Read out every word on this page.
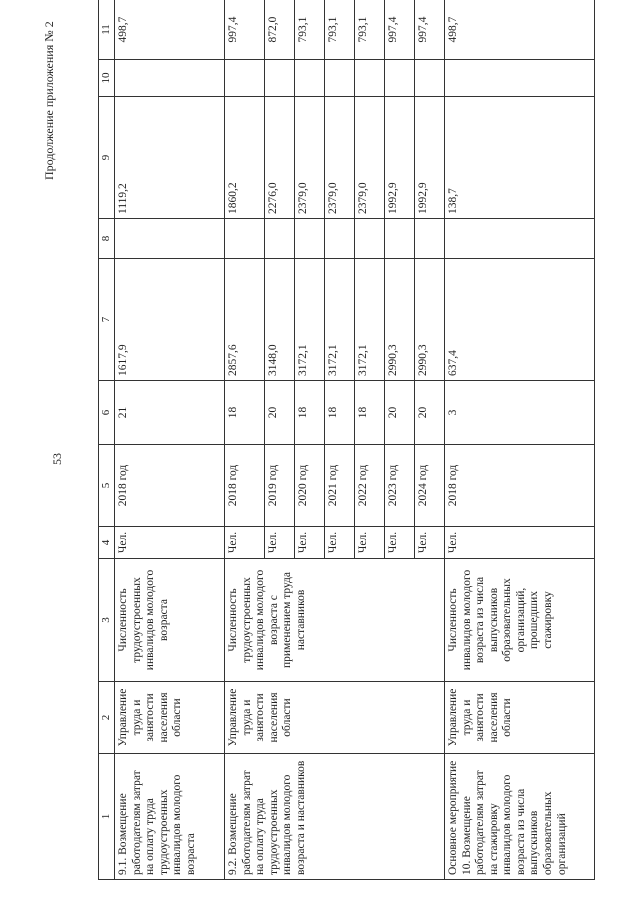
53
Продолжение приложения № 2
1	2	3	4	5	6	7	8	9	10	11
9.1. Возмещение работодателям затрат на оплату труда трудоустроенных инвалидов молодого возраста	Управление труда и занятости населения области	Численность трудоустроенных инвалидов молодого возраста	Чел.	2018 год	21	1617,9		1119,2		498,7
9.2. Возмещение работодателям затрат на оплату труда трудоустроенных инвалидов молодого возраста и наставников	Управление труда и занятости населения области	Численность трудоустроенных инвалидов молодого возраста с применением труда наставников	Чел.	2018 год	18	2857,6		1860,2		997,4
			Чел.	2019 год	20	3148,0		2276,0		872,0
			Чел.	2020 год	18	3172,1		2379,0		793,1
			Чел.	2021 год	18	3172,1		2379,0		793,1
			Чел.	2022 год	18	3172,1		2379,0		793,1
			Чел.	2023 год	20	2990,3		1992,9		997,4
			Чел.	2024 год	20	2990,3		1992,9		997,4
Основное мероприятие 10. Возмещение работодателям затрат на стажировку инвалидов молодого возраста из числа выпускников образовательных организаций	Управление труда и занятости населения области	Численность инвалидов молодого возраста из числа выпускников образовательных организаций, прошедших стажировку	Чел.	2018 год	3	637,4		138,7		498,7
